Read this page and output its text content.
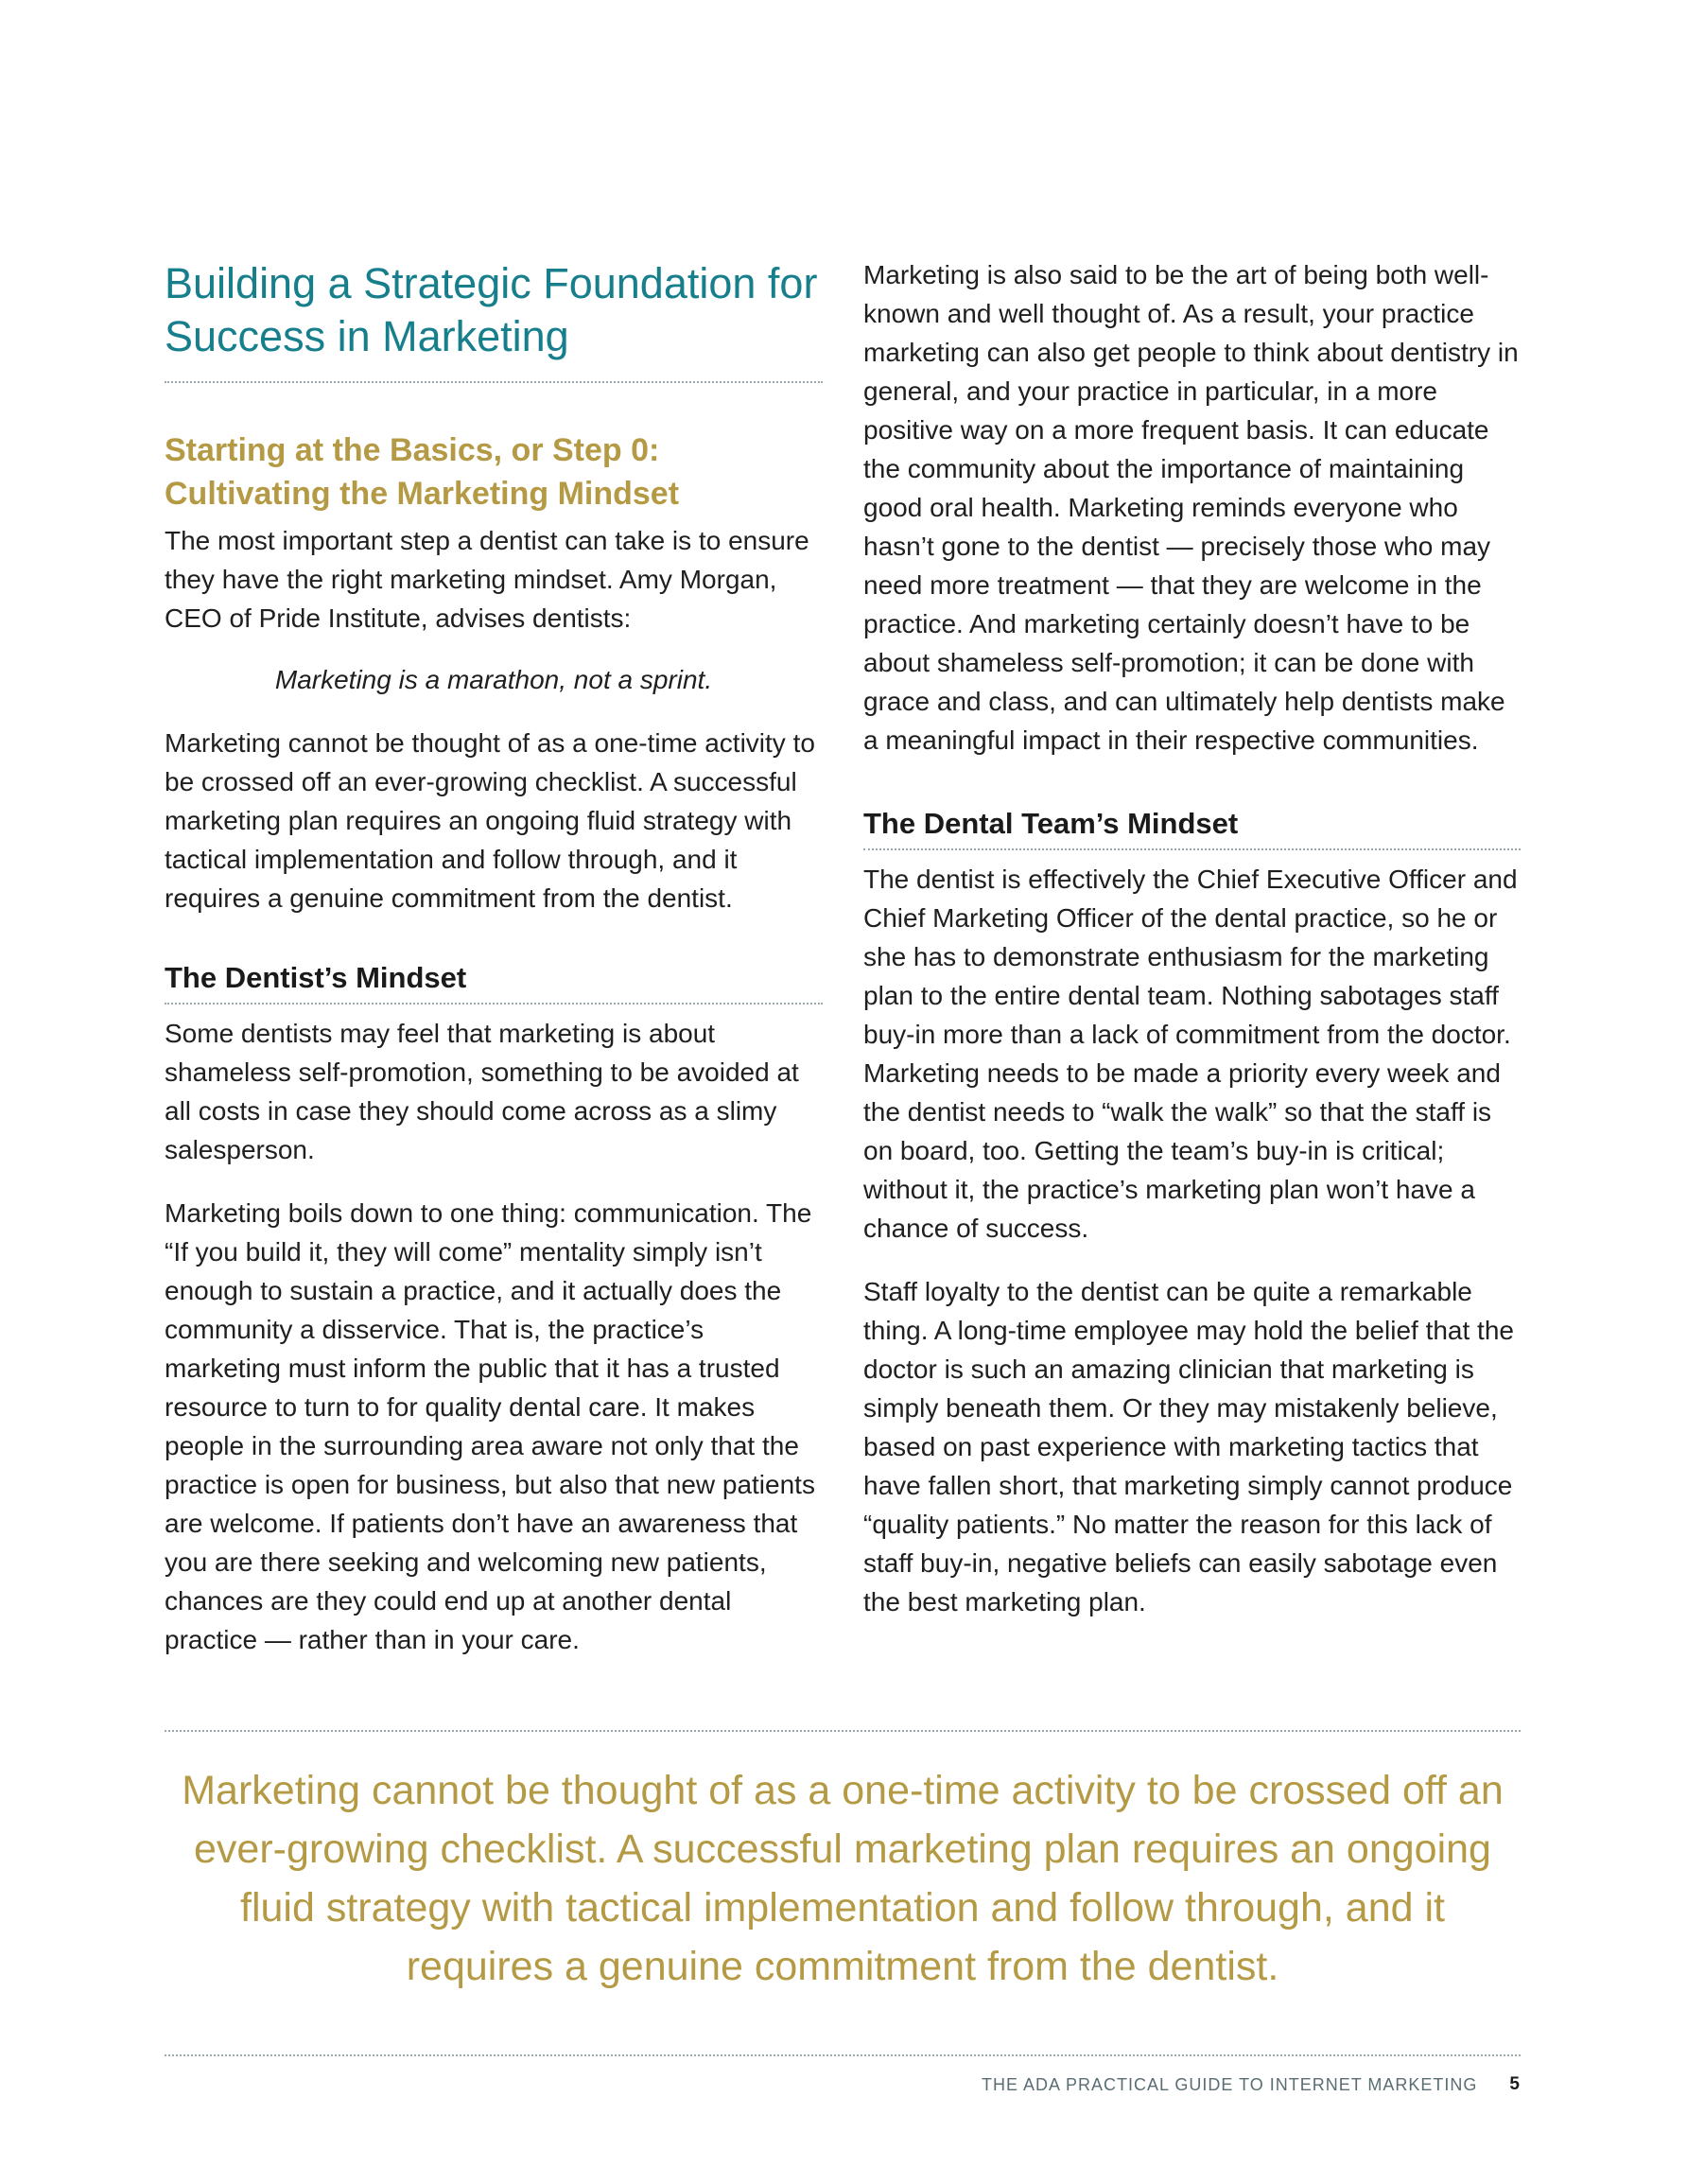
Building a Strategic Foundation for Success in Marketing
Starting at the Basics, or Step 0: Cultivating the Marketing Mindset

The most important step a dentist can take is to ensure they have the right marketing mindset. Amy Morgan, CEO of Pride Institute, advises dentists:

Marketing is a marathon, not a sprint.

Marketing cannot be thought of as a one-time activity to be crossed off an ever-growing checklist. A successful marketing plan requires an ongoing fluid strategy with tactical implementation and follow through, and it requires a genuine commitment from the dentist.

The Dentist’s Mindset

Some dentists may feel that marketing is about shameless self-promotion, something to be avoided at all costs in case they should come across as a slimy salesperson.

Marketing boils down to one thing: communication. The “If you build it, they will come” mentality simply isn’t enough to sustain a practice, and it actually does the community a disservice. That is, the practice’s marketing must inform the public that it has a trusted resource to turn to for quality dental care. It makes people in the surrounding area aware not only that the practice is open for business, but also that new patients are welcome. If patients don’t have an awareness that you are there seeking and welcoming new patients, chances are they could end up at another dental practice — rather than in your care.

Marketing is also said to be the art of being both well-known and well thought of. As a result, your practice marketing can also get people to think about dentistry in general, and your practice in particular, in a more positive way on a more frequent basis. It can educate the community about the importance of maintaining good oral health. Marketing reminds everyone who hasn’t gone to the dentist — precisely those who may need more treatment — that they are welcome in the practice. And marketing certainly doesn’t have to be about shameless self-promotion; it can be done with grace and class, and can ultimately help dentists make a meaningful impact in their respective communities.

The Dental Team’s Mindset

The dentist is effectively the Chief Executive Officer and Chief Marketing Officer of the dental practice, so he or she has to demonstrate enthusiasm for the marketing plan to the entire dental team. Nothing sabotages staff buy-in more than a lack of commitment from the doctor. Marketing needs to be made a priority every week and the dentist needs to “walk the walk” so that the staff is on board, too. Getting the team’s buy-in is critical; without it, the practice’s marketing plan won’t have a chance of success.

Staff loyalty to the dentist can be quite a remarkable thing. A long-time employee may hold the belief that the doctor is such an amazing clinician that marketing is simply beneath them. Or they may mistakenly believe, based on past experience with marketing tactics that have fallen short, that marketing simply cannot produce “quality patients.” No matter the reason for this lack of staff buy-in, negative beliefs can easily sabotage even the best marketing plan.

Marketing cannot be thought of as a one-time activity to be crossed off an ever-growing checklist. A successful marketing plan requires an ongoing fluid strategy with tactical implementation and follow through, and it requires a genuine commitment from the dentist.

THE ADA PRACTICAL GUIDE TO INTERNET MARKETING 5
